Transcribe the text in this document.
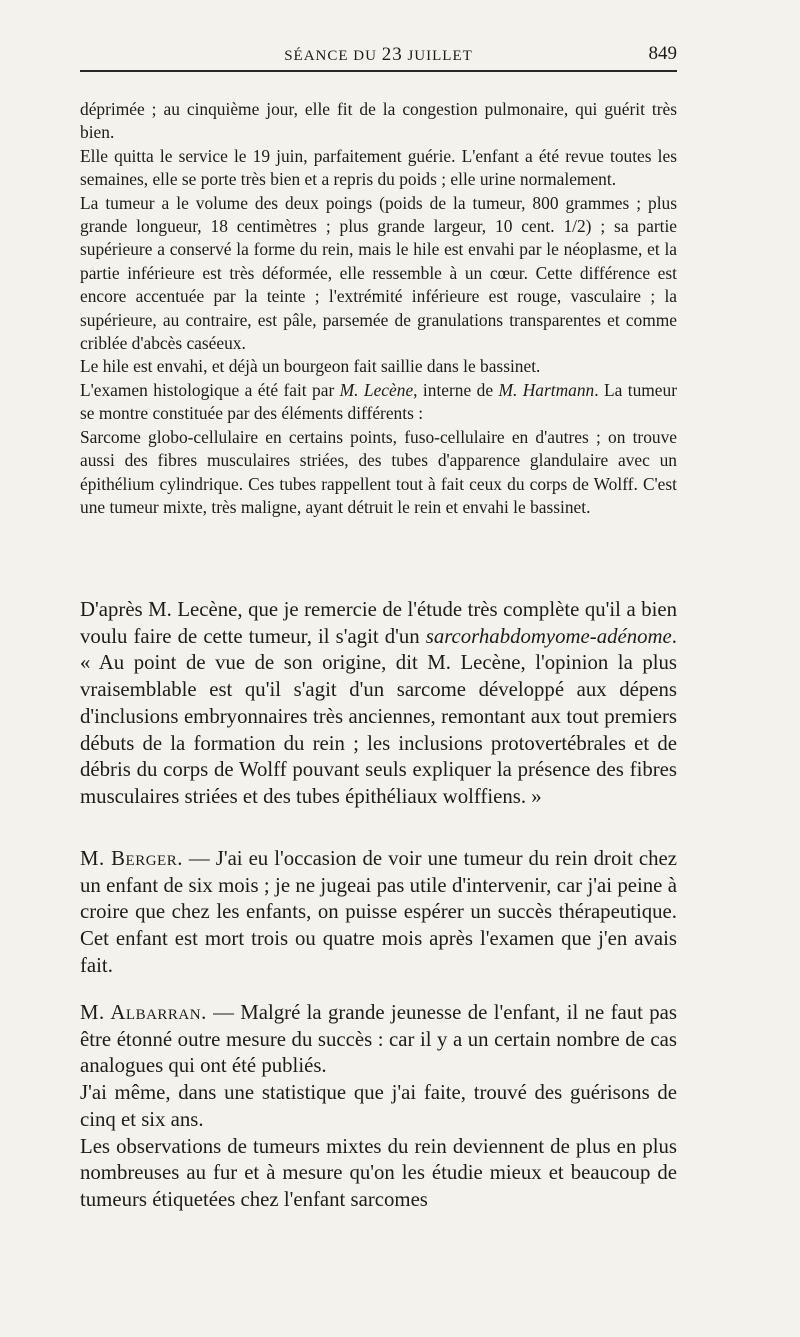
SÉANCE DU 23 JUILLET	849

déprimée ; au cinquième jour, elle fit de la congestion pulmonaire, qui guérit très bien.

Elle quitta le service le 19 juin, parfaitement guérie. L'enfant a été revue toutes les semaines, elle se porte très bien et a repris du poids ; elle urine normalement.

La tumeur a le volume des deux poings (poids de la tumeur, 800 grammes ; plus grande longueur, 18 centimètres ; plus grande largeur, 10 cent. 1/2) ; sa partie supérieure a conservé la forme du rein, mais le hile est envahi par le néoplasme, et la partie inférieure est très déformée, elle ressemble à un cœur. Cette différence est encore accentuée par la teinte ; l'extrémité inférieure est rouge, vasculaire ; la supérieure, au contraire, est pâle, parsemée de granulations transparentes et comme criblée d'abcès caséeux.

Le hile est envahi, et déjà un bourgeon fait saillie dans le bassinet.

L'examen histologique a été fait par M. Lecène, interne de M. Hartmann. La tumeur se montre constituée par des éléments différents :

Sarcome globo-cellulaire en certains points, fuso-cellulaire en d'autres ; on trouve aussi des fibres musculaires striées, des tubes d'apparence glandulaire avec un épithélium cylindrique. Ces tubes rappellent tout à fait ceux du corps de Wolff. C'est une tumeur mixte, très maligne, ayant détruit le rein et envahi le bassinet.

D'après M. Lecène, que je remercie de l'étude très complète qu'il a bien voulu faire de cette tumeur, il s'agit d'un sarcorhabdomyome-adénome. « Au point de vue de son origine, dit M. Lecène, l'opinion la plus vraisemblable est qu'il s'agit d'un sarcome développé aux dépens d'inclusions embryonnaires très anciennes, remontant aux tout premiers débuts de la formation du rein ; les inclusions protovertébrales et de débris du corps de Wolff pouvant seuls expliquer la présence des fibres musculaires striées et des tubes épithéliaux wolffiens. »

M. Berger. — J'ai eu l'occasion de voir une tumeur du rein droit chez un enfant de six mois ; je ne jugeai pas utile d'intervenir, car j'ai peine à croire que chez les enfants, on puisse espérer un succès thérapeutique. Cet enfant est mort trois ou quatre mois après l'examen que j'en avais fait.

M. Albarran. — Malgré la grande jeunesse de l'enfant, il ne faut pas être étonné outre mesure du succès : car il y a un certain nombre de cas analogues qui ont été publiés.

J'ai même, dans une statistique que j'ai faite, trouvé des guérisons de cinq et six ans.

Les observations de tumeurs mixtes du rein deviennent de plus en plus nombreuses au fur et à mesure qu'on les étudie mieux et beaucoup de tumeurs étiquetées chez l'enfant sarcomes
